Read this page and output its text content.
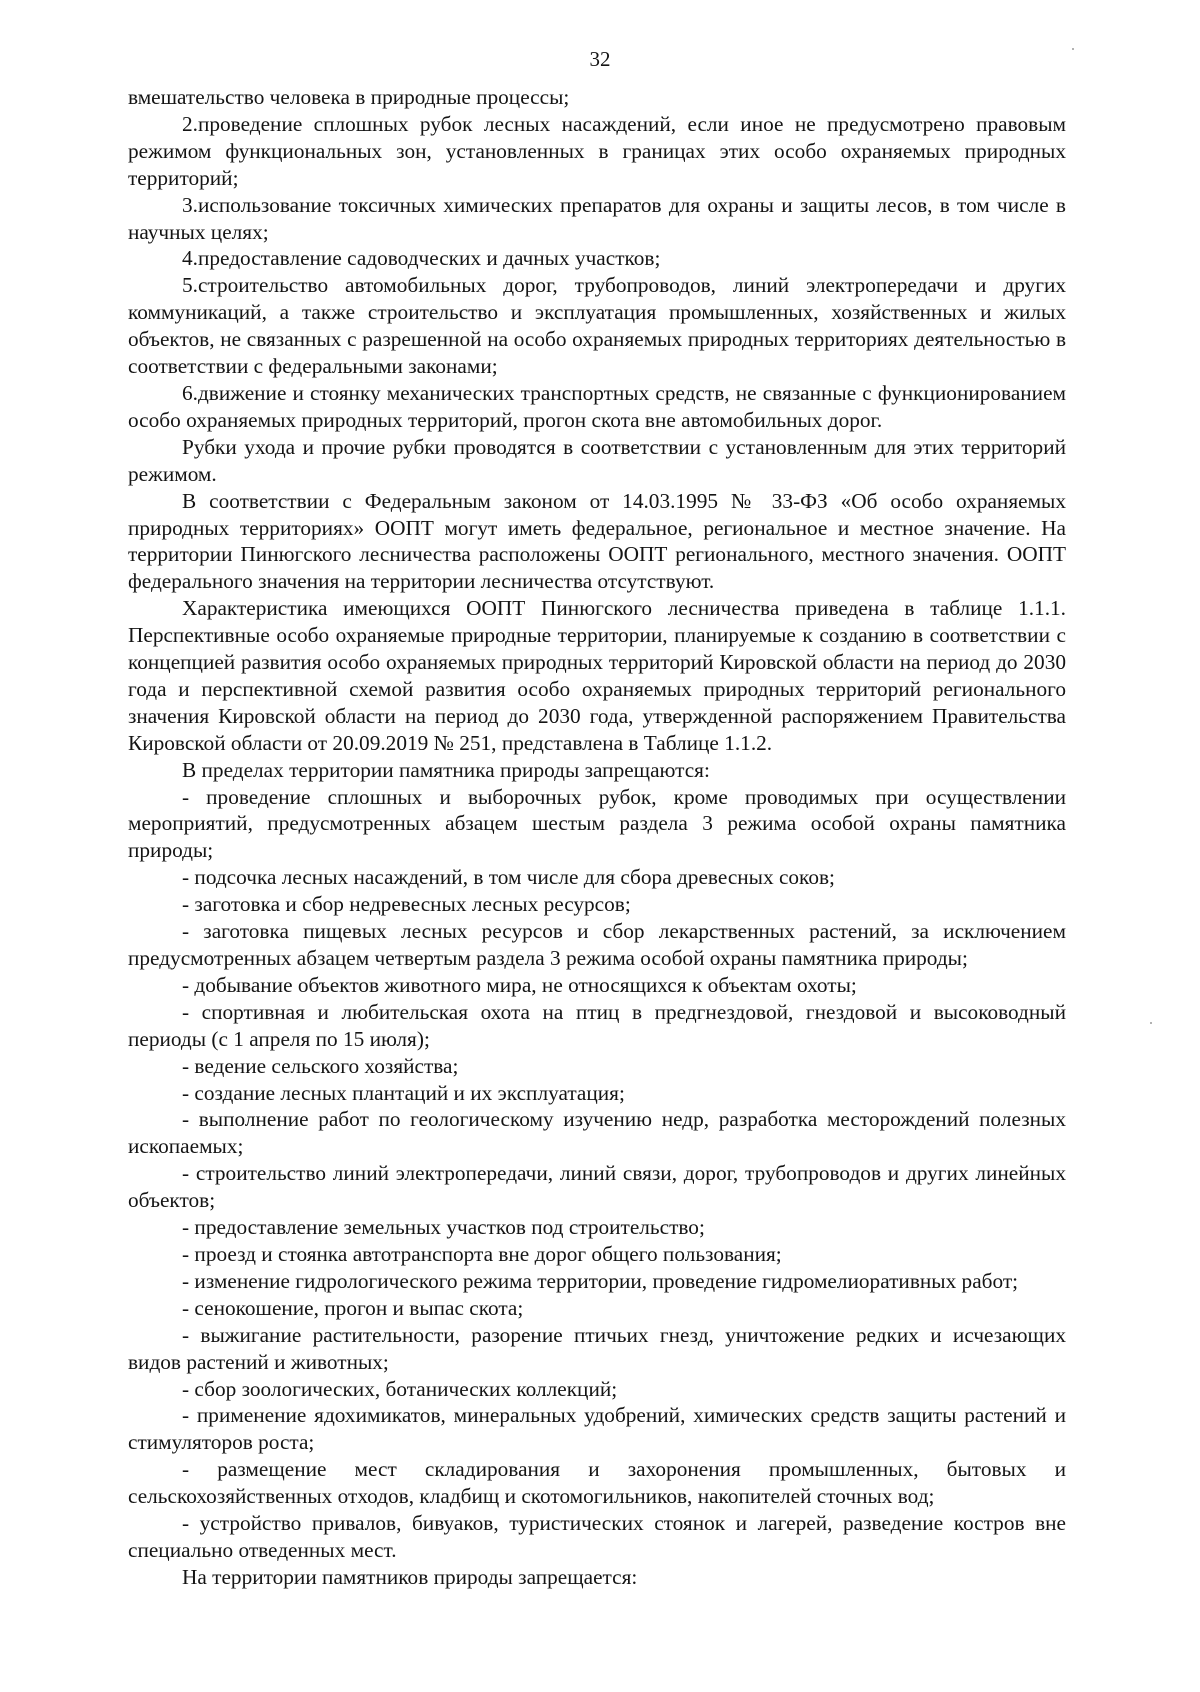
32

вмешательство человека в природные процессы;

2.проведение сплошных рубок лесных насаждений, если иное не предусмотрено правовым режимом функциональных зон, установленных в границах этих особо охраняемых природных территорий;

3.использование токсичных химических препаратов для охраны и защиты лесов, в том числе в научных целях;

4.предоставление садоводческих и дачных участков;

5.строительство автомобильных дорог, трубопроводов, линий электропередачи и других коммуникаций, а также строительство и эксплуатация промышленных, хозяйственных и жилых объектов, не связанных с разрешенной на особо охраняемых природных территориях деятельностью в соответствии с федеральными законами;

6.движение и стоянку механических транспортных средств, не связанные с функционированием особо охраняемых природных территорий, прогон скота вне автомобильных дорог.

Рубки ухода и прочие рубки проводятся в соответствии с установленным для этих территорий режимом.

В соответствии с Федеральным законом от 14.03.1995 № 33-ФЗ «Об особо охраняемых природных территориях» ООПТ могут иметь федеральное, региональное и местное значение. На территории Пинюгского лесничества расположены ООПТ регионального, местного значения. ООПТ федерального значения на территории лесничества отсутствуют.

Характеристика имеющихся ООПТ Пинюгского лесничества приведена в таблице 1.1.1. Перспективные особо охраняемые природные территории, планируемые к созданию в соответствии с концепцией развития особо охраняемых природных территорий Кировской области на период до 2030 года и перспективной схемой развития особо охраняемых природных территорий регионального значения Кировской области на период до 2030 года, утвержденной распоряжением Правительства Кировской области от 20.09.2019 № 251, представлена в Таблице 1.1.2.

В пределах территории памятника природы запрещаются:

- проведение сплошных и выборочных рубок, кроме проводимых при осуществлении мероприятий, предусмотренных абзацем шестым раздела 3 режима особой охраны памятника природы;

- подсочка лесных насаждений, в том числе для сбора древесных соков;

- заготовка и сбор недревесных лесных ресурсов;

- заготовка пищевых лесных ресурсов и сбор лекарственных растений, за исключением предусмотренных абзацем четвертым раздела 3 режима особой охраны памятника природы;

- добывание объектов животного мира, не относящихся к объектам охоты;

- спортивная и любительская охота на птиц в предгнездовой, гнездовой и высоководный периоды (с 1 апреля по 15 июля);

- ведение сельского хозяйства;

- создание лесных плантаций и их эксплуатация;

- выполнение работ по геологическому изучению недр, разработка месторождений полезных ископаемых;

- строительство линий электропередачи, линий связи, дорог, трубопроводов и других линейных объектов;

- предоставление земельных участков под строительство;

- проезд и стоянка автотранспорта вне дорог общего пользования;

- изменение гидрологического режима территории, проведение гидромелиоративных работ;

- сенокошение, прогон и выпас скота;

- выжигание растительности, разорение птичьих гнезд, уничтожение редких и исчезающих видов растений и животных;

- сбор зоологических, ботанических коллекций;

- применение ядохимикатов, минеральных удобрений, химических средств защиты растений и стимуляторов роста;

- размещение мест складирования и захоронения промышленных, бытовых и сельскохозяйственных отходов, кладбищ и скотомогильников, накопителей сточных вод;

- устройство привалов, бивуаков, туристических стоянок и лагерей, разведение костров вне специально отведенных мест.

На территории памятников природы запрещается:
